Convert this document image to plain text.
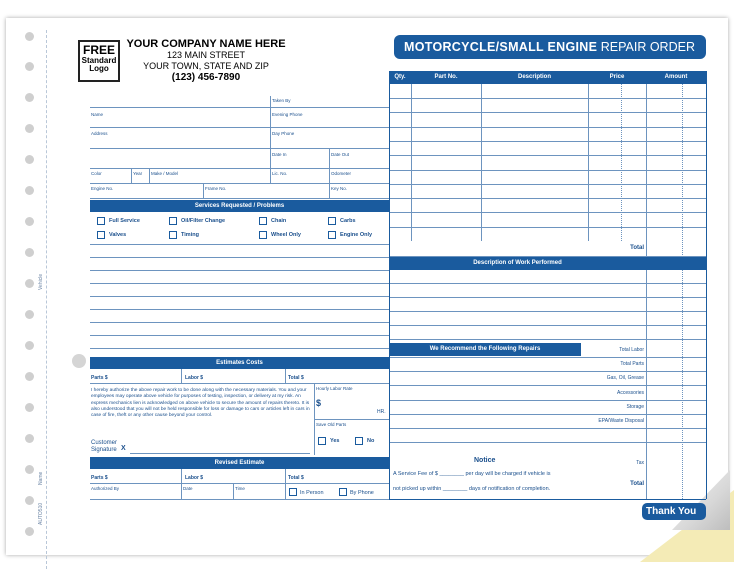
Vehicle
Name
AUTO510
FREE
Standard
Logo
YOUR COMPANY NAME HERE
123 MAIN STREET
YOUR TOWN, STATE AND ZIP
(123) 456-7890
MOTORCYCLE/SMALL ENGINE REPAIR ORDER
Taken By
Name	Evening Phone
Address	Day Phone
Date In	Date Out
Color	Year Make / Model	Lic. No.	Odometer
Engine No.	Frame No.	Key No.
Services Requested / Problems
Full Service	Oil/Filter Change	Chain	Carbs
Valves	Timing	Wheel Only	Engine Only
Estimates Costs
Parts $	Labor $	Total $
I hereby authorize the above repair work to be done along with the necessary materials. You and your employees may operate above vehicle for purposes of testing, inspection, or delivery at my risk. An express mechanics lien is acknowledged on above vehicle to secure the amount of repairs thereto. It is also understood that you will not be held responsible for loss or damage to cars or articles left in cars in case of fire, theft or any other cause beyond your control.
Hourly Labor Rate
$
HR.
Save Old Parts
Yes	No
Customer
Signature X
Revised Estimate
Parts $	Labor $	Total $
Authorized By	Date	Time
In Person	By Phone
Qty.	Part No.	Description	Price	Amount
Total
Description of Work Performed
We Recommend the Following Repairs	Total Labor
Total Parts
Gas, Oil, Grease
Accessories
Storage
EPA/Waste Disposal
Tax
Total
Notice
A Service Fee of $ ________ per day will be charged if vehicle is
not picked up within ________ days of notification of completion.
Thank You
